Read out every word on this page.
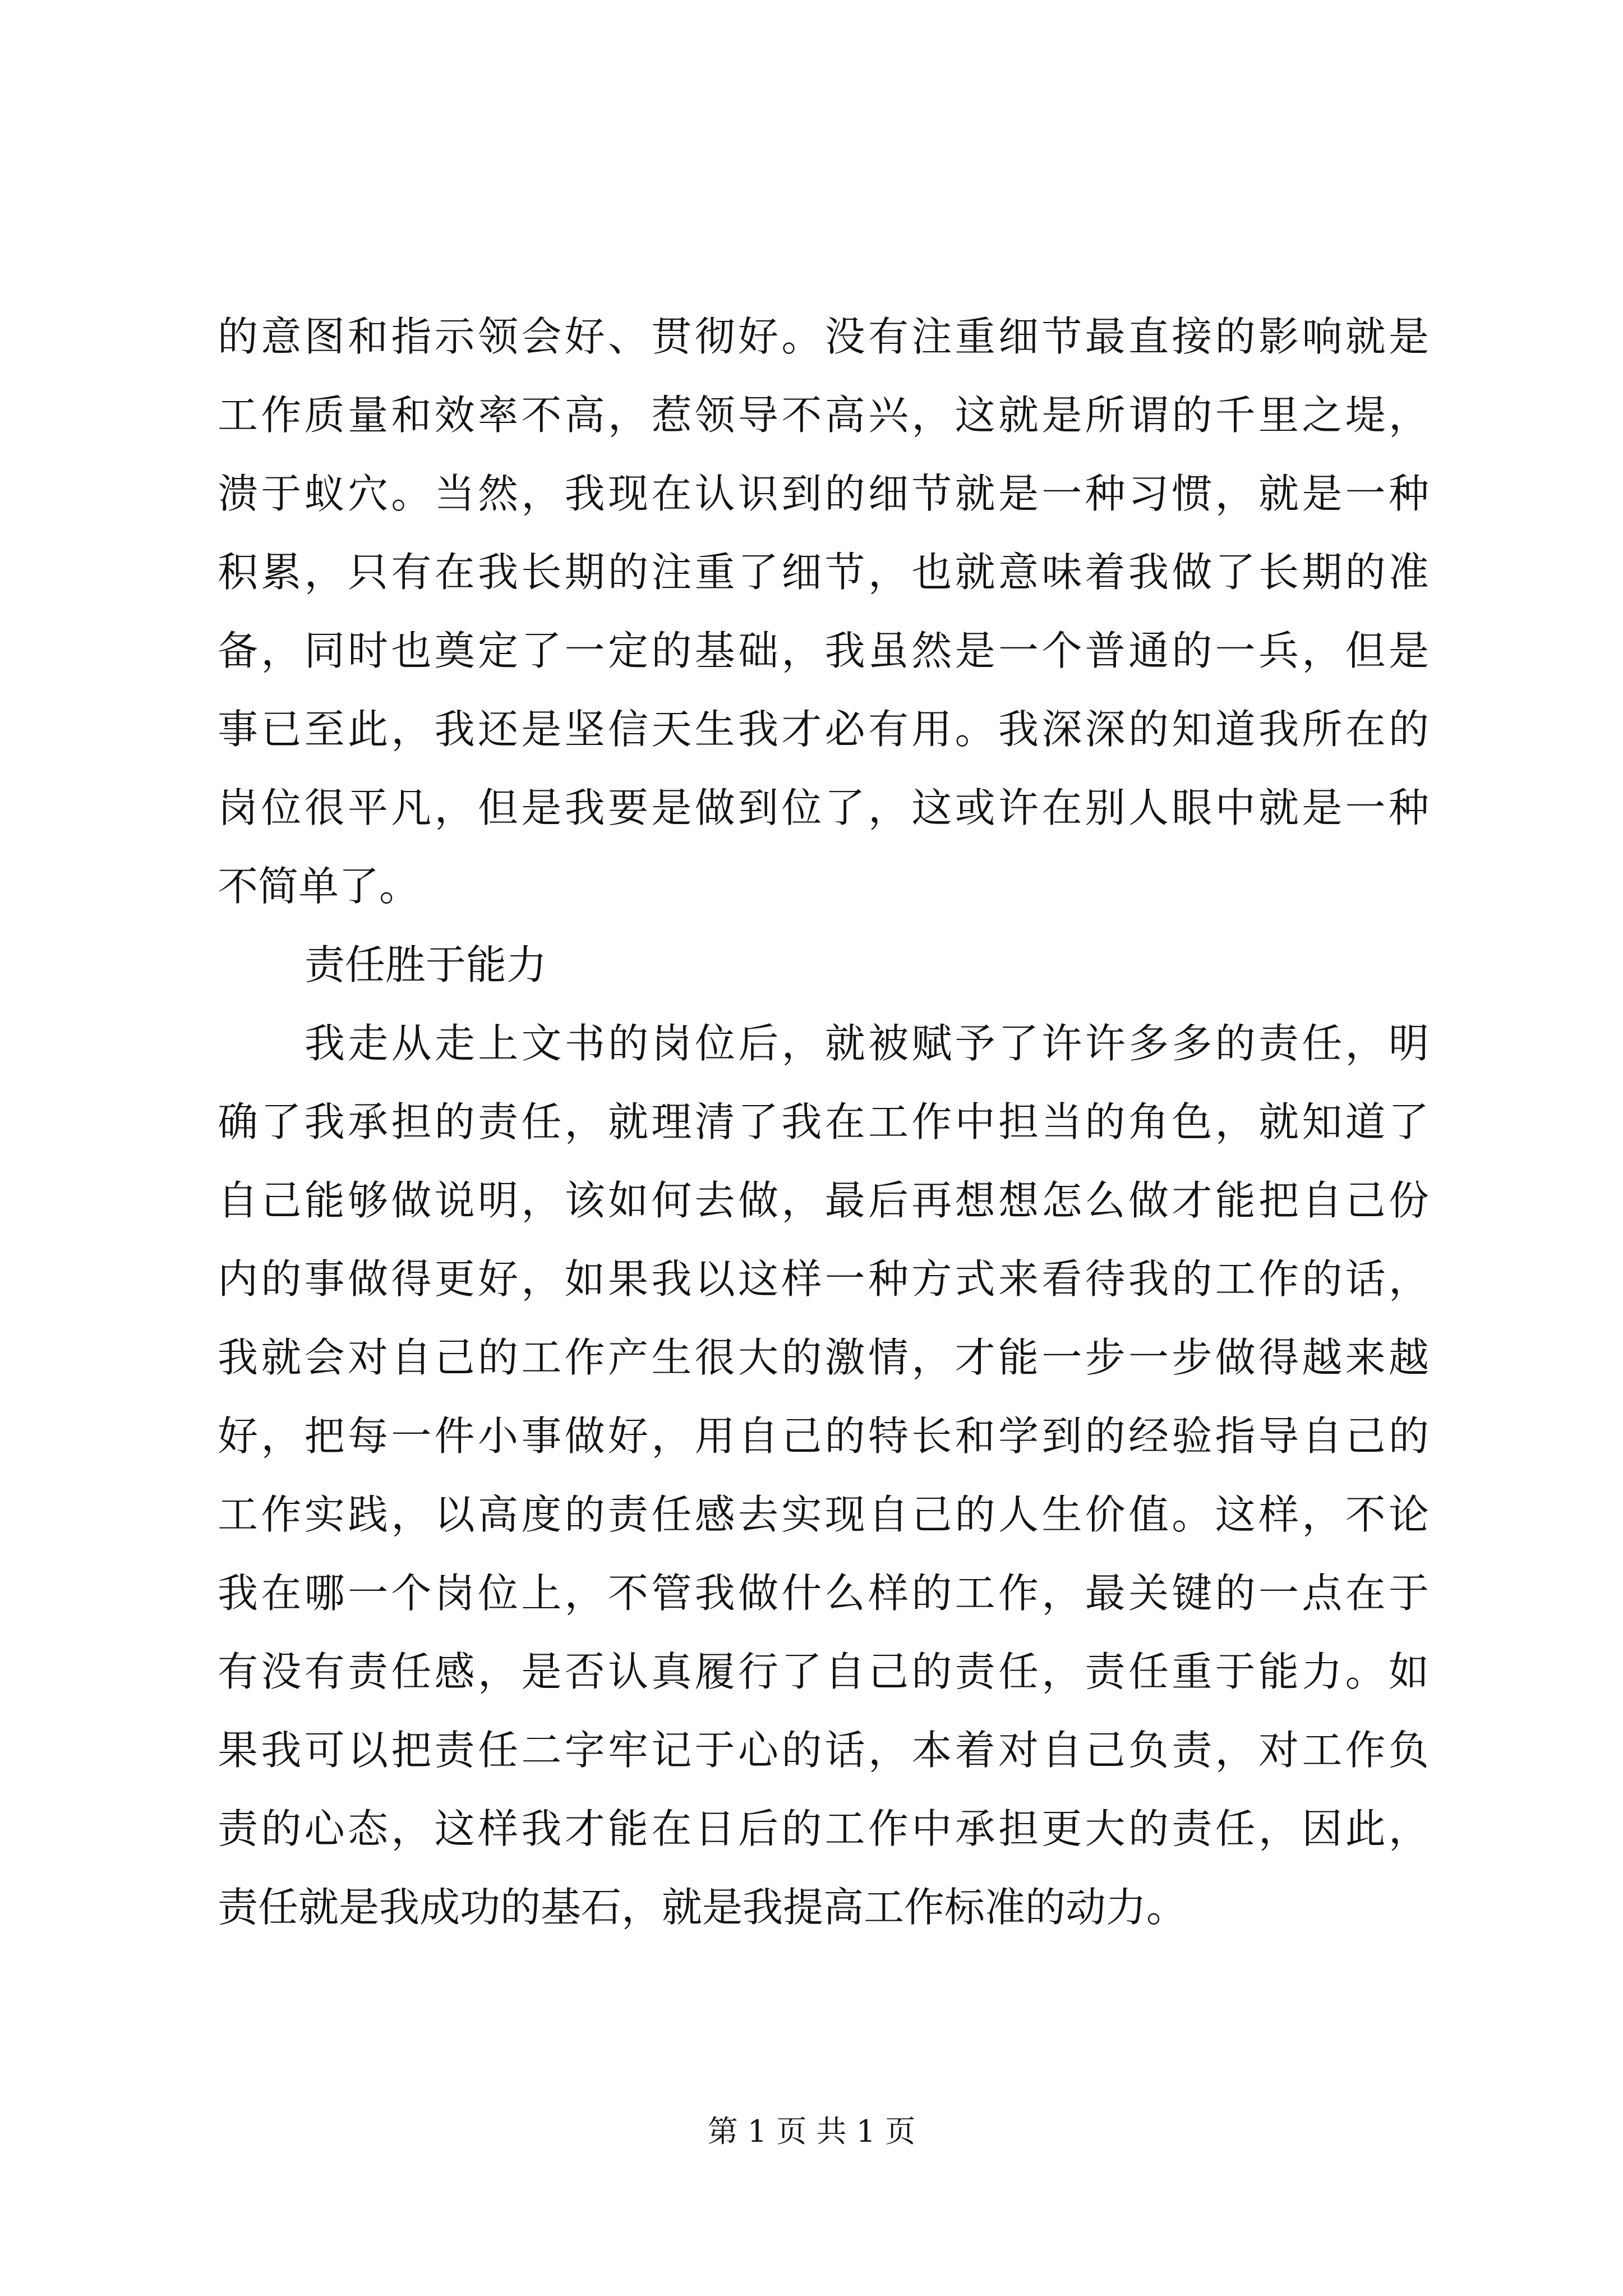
的意图和指示领会好、贯彻好。没有注重细节最直接的影响就是
工作质量和效率不高，惹领导不高兴，这就是所谓的千里之堤，
溃于蚁穴。当然，我现在认识到的细节就是一种习惯，就是一种
积累，只有在我长期的注重了细节，也就意味着我做了长期的准
备，同时也奠定了一定的基础，我虽然是一个普通的一兵，但是
事已至此，我还是坚信天生我才必有用。我深深的知道我所在的
岗位很平凡，但是我要是做到位了，这或许在别人眼中就是一种
不简单了。
责任胜于能力
我走从走上文书的岗位后，就被赋予了许许多多的责任，明
确了我承担的责任，就理清了我在工作中担当的角色，就知道了
自己能够做说明，该如何去做，最后再想想怎么做才能把自己份
内的事做得更好，如果我以这样一种方式来看待我的工作的话，
我就会对自己的工作产生很大的激情，才能一步一步做得越来越
好，把每一件小事做好，用自己的特长和学到的经验指导自己的
工作实践，以高度的责任感去实现自己的人生价值。这样，不论
我在哪一个岗位上，不管我做什么样的工作，最关键的一点在于
有没有责任感，是否认真履行了自己的责任，责任重于能力。如
果我可以把责任二字牢记于心的话，本着对自己负责，对工作负
责的心态，这样我才能在日后的工作中承担更大的责任，因此，
责任就是我成功的基石，就是我提高工作标准的动力。
第 1 页 共 1 页
